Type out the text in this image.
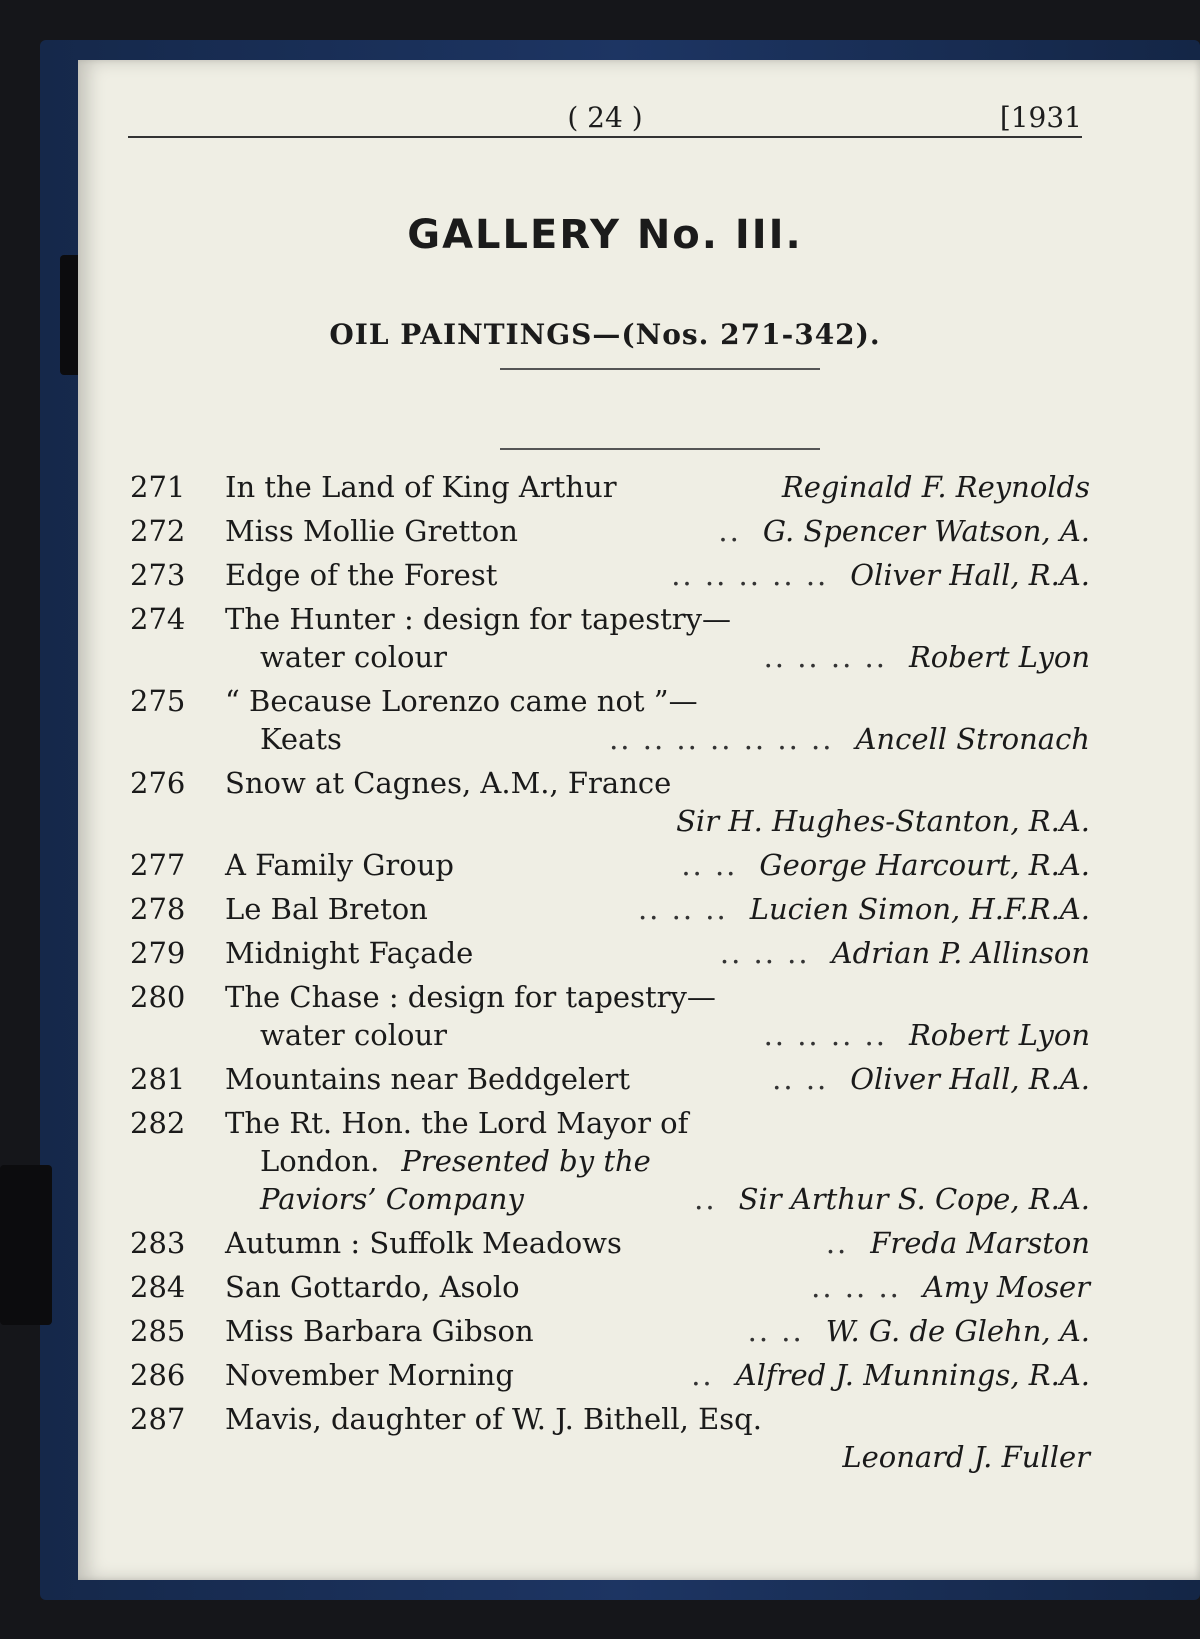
( 24 )	[1931
GALLERY No. III.
OIL PAINTINGS—(Nos. 271-342).
271	In the Land of King Arthur	Reginald F. Reynolds
272	Miss Mollie Gretton	.. G. Spencer Watson, A.
273	Edge of the Forest	.. .. .. .. .. Oliver Hall, R.A.
274	The Hunter : design for tapestry—
water colour	.. .. .. .. Robert Lyon
275	“ Because Lorenzo came not ”—
Keats	.. .. .. .. .. .. .. Ancell Stronach
276	Snow at Cagnes, A.M., France
Sir H. Hughes-Stanton, R.A.
277	A Family Group	.. .. George Harcourt, R.A.
278	Le Bal Breton	.. .. .. Lucien Simon, H.F.R.A.
279	Midnight Façade	.. .. .. Adrian P. Allinson
280	The Chase : design for tapestry—
water colour	.. .. .. .. Robert Lyon
281	Mountains near Beddgelert	.. .. Oliver Hall, R.A.
282	The Rt. Hon. the Lord Mayor of
London. Presented by the
Paviors’ Company	.. Sir Arthur S. Cope, R.A.
283	Autumn : Suffolk Meadows	.. Freda Marston
284	San Gottardo, Asolo	.. .. .. Amy Moser
285	Miss Barbara Gibson	.. .. W. G. de Glehn, A.
286	November Morning	.. Alfred J. Munnings, R.A.
287	Mavis, daughter of W. J. Bithell, Esq.
Leonard J. Fuller
